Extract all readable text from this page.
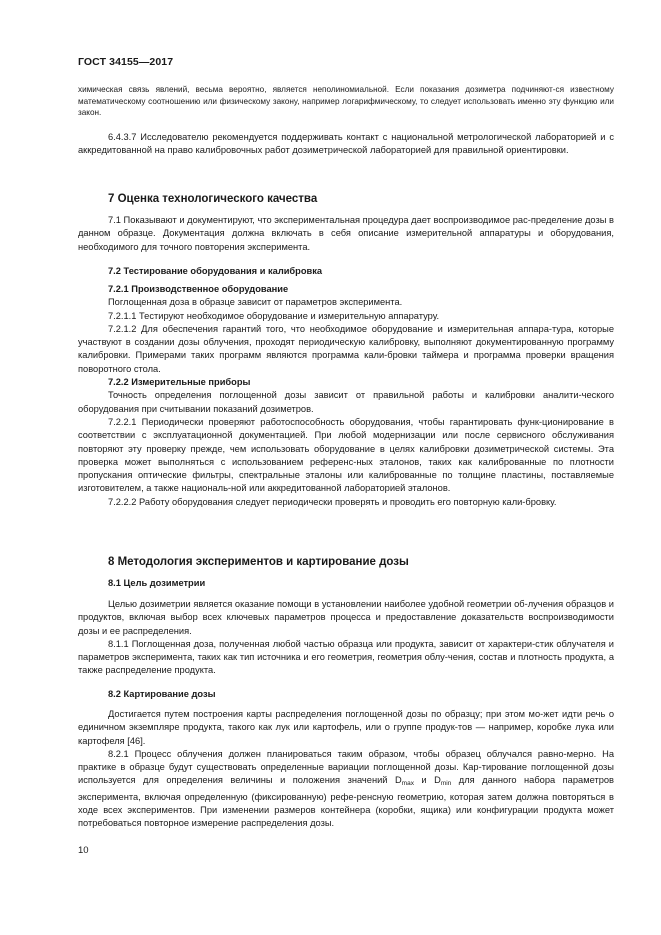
ГОСТ 34155—2017

химическая связь явлений, весьма вероятно, является неполиномиальной. Если показания дозиметра подчиняют-ся известному математическому соотношению или физическому закону, например логарифмическому, то следует использовать именно эту функцию или закон.

6.4.3.7 Исследователю рекомендуется поддерживать контакт с национальной метрологической лабораторией и с аккредитованной на право калибровочных работ дозиметрической лабораторией для правильной ориентировки.

7 Оценка технологического качества

7.1 Показывают и документируют, что экспериментальная процедура дает воспроизводимое рас-пределение дозы в данном образце. Документация должна включать в себя описание измерительной аппаратуры и оборудования, необходимого для точного повторения эксперимента.

7.2 Тестирование оборудования и калибровка
7.2.1 Производственное оборудование

Поглощенная доза в образце зависит от параметров эксперимента.

7.2.1.1 Тестируют необходимое оборудование и измерительную аппаратуру.

7.2.1.2 Для обеспечения гарантий того, что необходимое оборудование и измерительная аппара-тура, которые участвуют в создании дозы облучения, проходят периодическую калибровку, выполняют документированную программу калибровки. Примерами таких программ являются программа кали-бровки таймера и программа проверки вращения поворотного стола.

7.2.2 Измерительные приборы

Точность определения поглощенной дозы зависит от правильной работы и калибровки аналити-ческого оборудования при считывании показаний дозиметров.

7.2.2.1 Периодически проверяют работоспособность оборудования, чтобы гарантировать функ-ционирование в соответствии с эксплуатационной документацией. При любой модернизации или после сервисного обслуживания повторяют эту проверку прежде, чем использовать оборудование в целях калибровки дозиметрической системы. Эта проверка может выполняться с использованием референс-ных эталонов, таких как калиброванные по плотности пропускания оптические фильтры, спектральные эталоны или калиброванные по толщине пластины, поставляемые изготовителем, а также националь-ной или аккредитованной лабораторией эталонов.

7.2.2.2 Работу оборудования следует периодически проверять и проводить его повторную кали-бровку.

8 Методология экспериментов и картирование дозы
8.1 Цель дозиметрии

Целью дозиметрии является оказание помощи в установлении наиболее удобной геометрии об-лучения образцов и продуктов, включая выбор всех ключевых параметров процесса и предоставление доказательств воспроизводимости дозы и ее распределения.

8.1.1 Поглощенная доза, полученная любой частью образца или продукта, зависит от характери-стик облучателя и параметров эксперимента, таких как тип источника и его геометрия, геометрия облу-чения, состав и плотность продукта, а также распределение продукта.

8.2 Картирование дозы

Достигается путем построения карты распределения поглощенной дозы по образцу; при этом мо-жет идти речь о единичном экземпляре продукта, такого как лук или картофель, или о группе продук-тов — например, коробке лука или картофеля [46].

8.2.1 Процесс облучения должен планироваться таким образом, чтобы образец облучался равно-мерно. На практике в образце будут существовать определенные вариации поглощенной дозы. Кар-тирование поглощенной дозы используется для определения величины и положения значений $D_{max}$ и $D_{min}$ для данного набора параметров эксперимента, включая определенную (фиксированную) рефе-ренсную геометрию, которая затем должна повторяться в ходе всех экспериментов. При изменении размеров контейнера (коробки, ящика) или конфигурации продукта может потребоваться повторное измерение распределения дозы.

10
